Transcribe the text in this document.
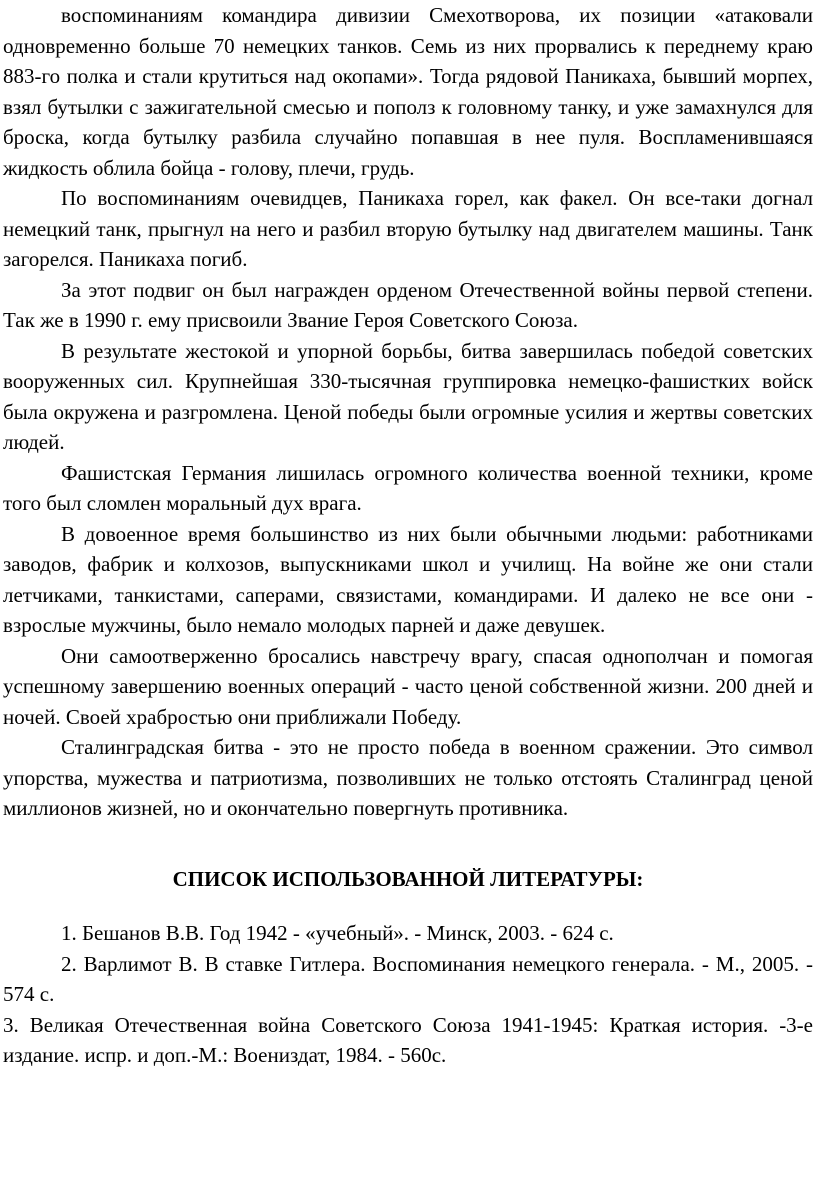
воспоминаниям командира дивизии Смехотворова, их позиции «атаковали одновременно больше 70 немецких танков. Семь из них прорвались к переднему краю 883-го полка и стали крутиться над окопами». Тогда рядовой Паникаха, бывший морпех, взял бутылки с зажигательной смесью и пополз к головному танку, и уже замахнулся для броска, когда бутылку разбила случайно попавшая в нее пуля. Воспламенившаяся жидкость облила бойца - голову, плечи, грудь.

По воспоминаниям очевидцев, Паникаха горел, как факел. Он все-таки догнал немецкий танк, прыгнул на него и разбил вторую бутылку над двигателем машины. Танк загорелся. Паникаха погиб.

За этот подвиг он был награжден орденом Отечественной войны первой степени. Так же в 1990 г. ему присвоили Звание Героя Советского Союза.

В результате жестокой и упорной борьбы, битва завершилась победой советских вооруженных сил. Крупнейшая 330-тысячная группировка немецко-фашистких войск была окружена и разгромлена. Ценой победы были огромные усилия и жертвы советских людей.

Фашистская Германия лишилась огромного количества военной техники, кроме того был сломлен моральный дух врага.

В довоенное время большинство из них были обычными людьми: работниками заводов, фабрик и колхозов, выпускниками школ и училищ. На войне же они стали летчиками, танкистами, саперами, связистами, командирами. И далеко не все они - взрослые мужчины, было немало молодых парней и даже девушек.

Они самоотверженно бросались навстречу врагу, спасая однополчан и помогая успешному завершению военных операций - часто ценой собственной жизни. 200 дней и ночей. Своей храбростью они приближали Победу.

Сталинградская битва - это не просто победа в военном сражении. Это символ упорства, мужества и патриотизма, позволивших не только отстоять Сталинград ценой миллионов жизней, но и окончательно повергнуть противника.

СПИСОК ИСПОЛЬЗОВАННОЙ ЛИТЕРАТУРЫ:

1. Бешанов В.В. Год 1942 - «учебный». - Минск, 2003. - 624 с.

2. Варлимот В. В ставке Гитлера. Воспоминания немецкого генерала. - М., 2005. - 574 с.

3. Великая Отечественная война Советского Союза 1941-1945: Краткая история. -3-е издание. испр. и доп.-М.: Воениздат, 1984. - 560с.
